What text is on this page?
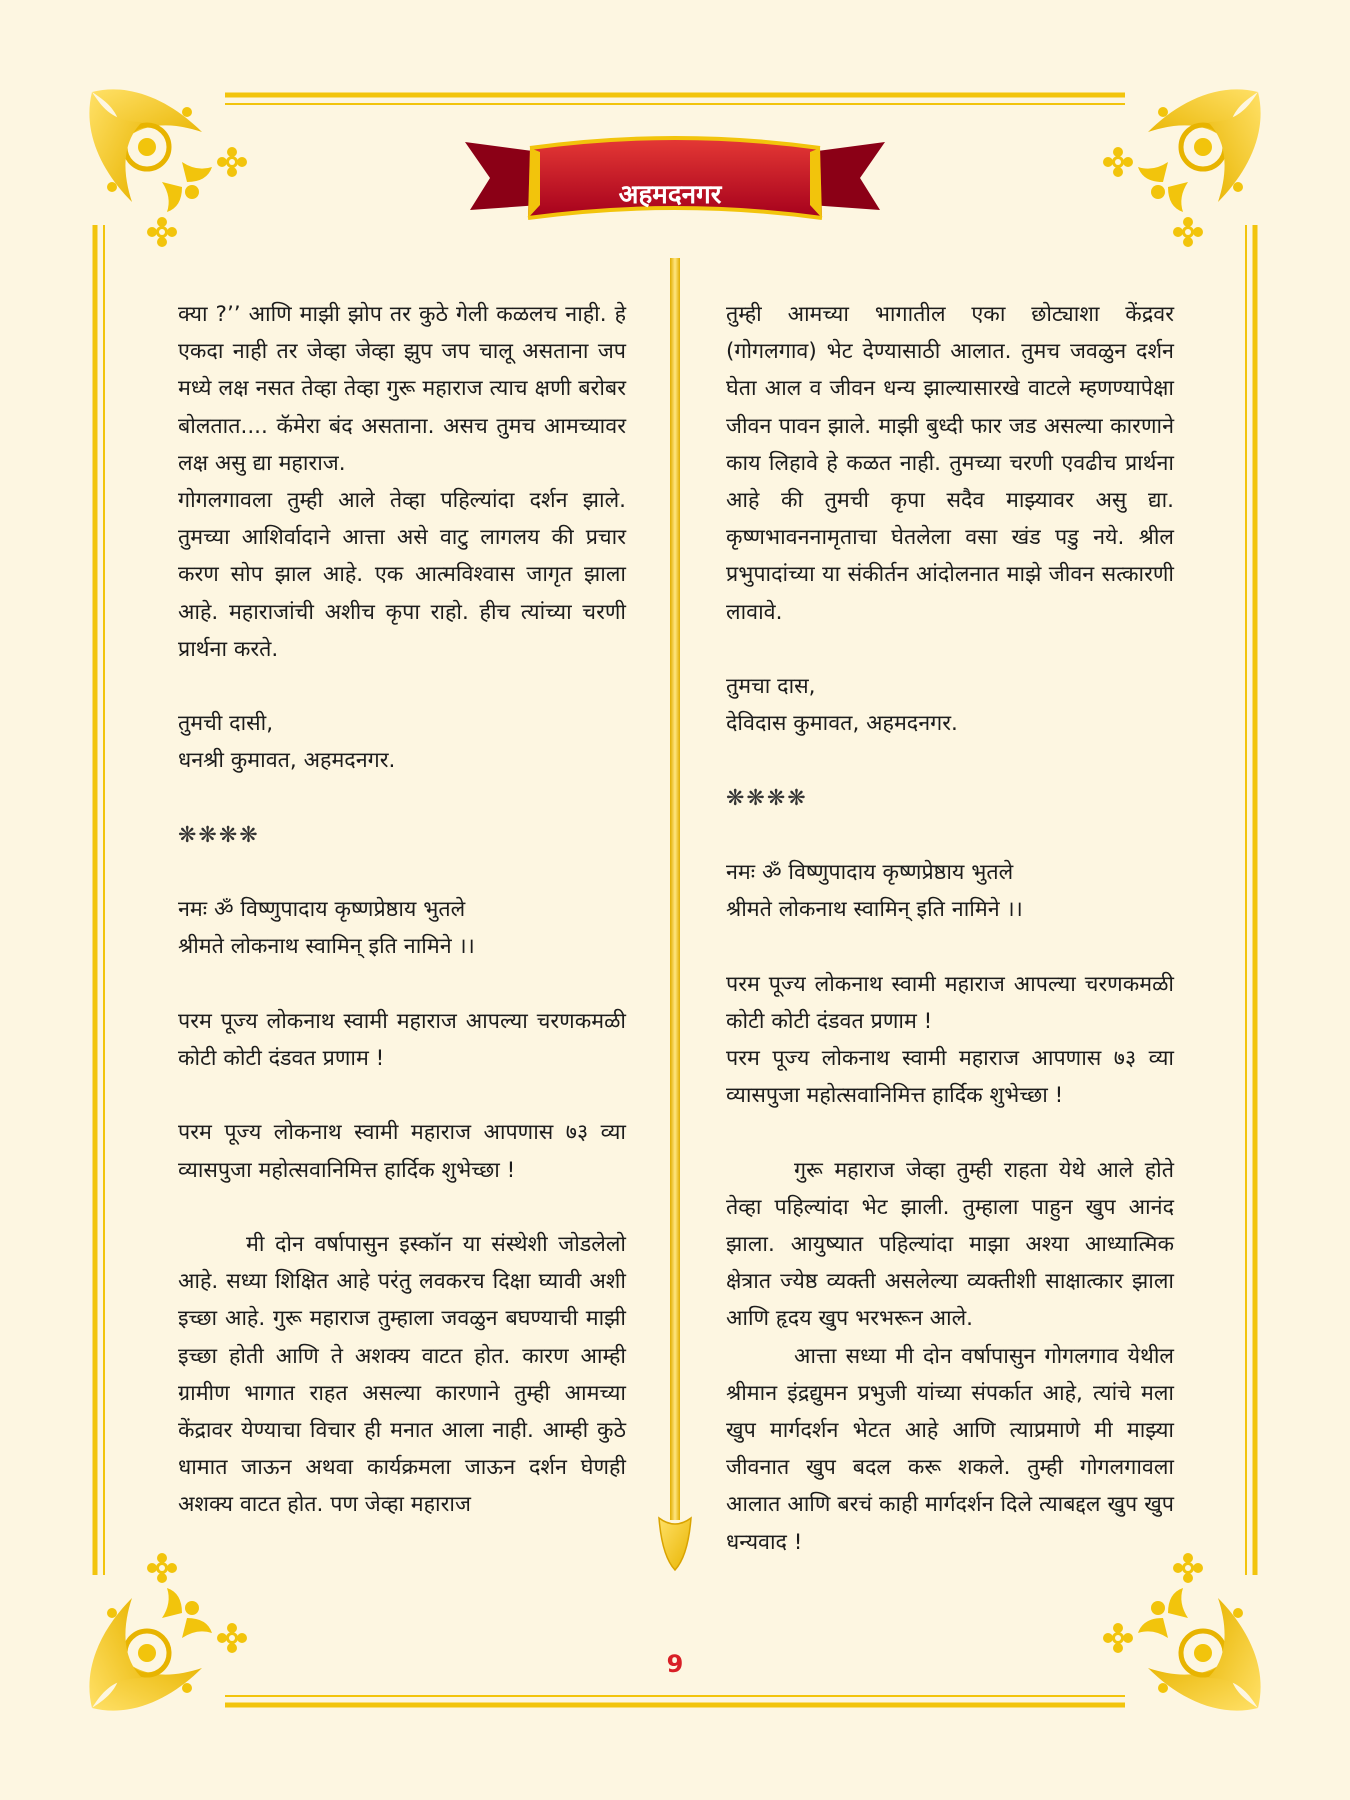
अहमदनगर

क्या ?’’ आणि माझी झोप तर कुठे गेली कळलच नाही. हे एकदा नाही तर जेव्हा जेव्हा झुप जप चालू असताना जप मध्ये लक्ष नसत तेव्हा तेव्हा गुरू महाराज त्याच क्षणी बरोबर बोलतात.... कॅमेरा बंद असताना. असच तुमच आमच्यावर लक्ष असु द्या महाराज.

गोगलगावला तुम्ही आले तेव्हा पहिल्यांदा दर्शन झाले. तुमच्या आशिर्वादाने आत्ता असे वाटु लागलय की प्रचार करण सोप झाल आहे. एक आत्मविश्वास जागृत झाला आहे. महाराजांची अशीच कृपा राहो. हीच त्यांच्या चरणी प्रार्थना करते.

तुमची दासी,

धनश्री कुमावत, अहमदनगर.

❋❋❋❋

नमः ॐ विष्णुपादाय कृष्णप्रेष्ठाय भुतले

श्रीमते लोकनाथ स्वामिन् इति नामिने ।।

परम पूज्य लोकनाथ स्वामी महाराज आपल्या चरणकमळी कोटी कोटी दंडवत प्रणाम !

परम पूज्य लोकनाथ स्वामी महाराज आपणास ७३ व्या व्यासपुजा महोत्सवानिमित्त हार्दिक शुभेच्छा !

मी दोन वर्षापासुन इस्कॉन या संस्थेशी जोडलेलो आहे. सध्या शिक्षित आहे परंतु लवकरच दिक्षा घ्यावी अशी इच्छा आहे. गुरू महाराज तुम्हाला जवळुन बघण्याची माझी इच्छा होती आणि ते अशक्य वाटत होत. कारण आम्ही ग्रामीण भागात राहत असल्या कारणाने तुम्ही आमच्या केंद्रावर येण्याचा विचार ही मनात आला नाही. आम्ही कुठे धामात जाऊन अथवा कार्यक्रमला जाऊन दर्शन घेणही अशक्य वाटत होत. पण जेव्हा महाराज

तुम्ही आमच्या भागातील एका छोट्याशा केंद्रवर (गोगलगाव) भेट देण्यासाठी आलात. तुमच जवळुन दर्शन घेता आल व जीवन धन्य झाल्यासारखे वाटले म्हणण्यापेक्षा जीवन पावन झाले. माझी बुध्दी फार जड असल्या कारणाने काय लिहावे हे कळत नाही. तुमच्या चरणी एवढीच प्रार्थना आहे की तुमची कृपा सदैव माझ्यावर असु द्या. कृष्णभावननामृताचा घेतलेला वसा खंड पडु नये. श्रील प्रभुपादांच्या या संकीर्तन आंदोलनात माझे जीवन सत्कारणी लावावे.

तुमचा दास,

देविदास कुमावत, अहमदनगर.

❋❋❋❋

नमः ॐ विष्णुपादाय कृष्णप्रेष्ठाय भुतले

श्रीमते लोकनाथ स्वामिन् इति नामिने ।।

परम पूज्य लोकनाथ स्वामी महाराज आपल्या चरणकमळी कोटी कोटी दंडवत प्रणाम !

परम पूज्य लोकनाथ स्वामी महाराज आपणास ७३ व्या व्यासपुजा महोत्सवानिमित्त हार्दिक शुभेच्छा !

गुरू महाराज जेव्हा तुम्ही राहता येथे आले होते तेव्हा पहिल्यांदा भेट झाली. तुम्हाला पाहुन खुप आनंद झाला. आयुष्यात पहिल्यांदा माझा अश्या आध्यात्मिक क्षेत्रात ज्येष्ठ व्यक्ती असलेल्या व्यक्तीशी साक्षात्कार झाला आणि हृदय खुप भरभरून आले.

आत्ता सध्या मी दोन वर्षापासुन गोगलगाव येथील श्रीमान इंद्रद्युमन प्रभुजी यांच्या संपर्कात आहे, त्यांचे मला खुप मार्गदर्शन भेटत आहे आणि त्याप्रमाणे मी माझ्या जीवनात खुप बदल करू शकले. तुम्ही गोगलगावला आलात आणि बरचं काही मार्गदर्शन दिले त्याबद्दल खुप खुप धन्यवाद !

9
